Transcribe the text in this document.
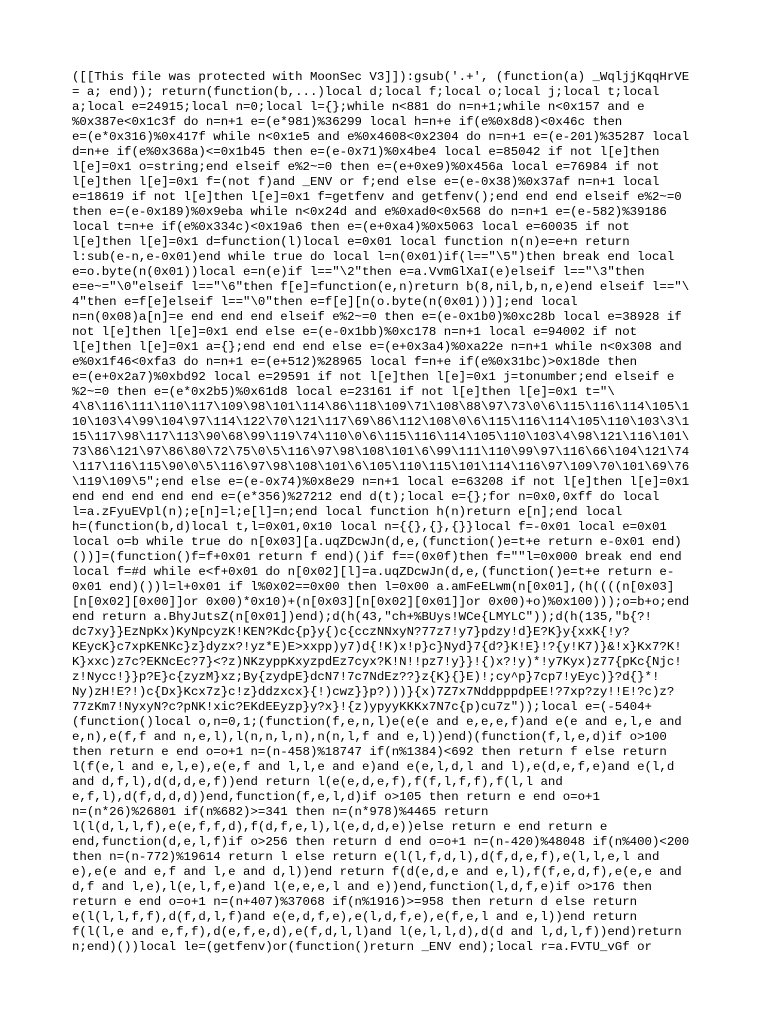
([[This file was protected with MoonSec V3]]):gsub('.+', (function(a) _WqljjKqqHrVE
= a; end)); return(function(b,...)local d;local f;local o;local j;local t;local
a;local e=24915;local n=0;local l={};while n<881 do n=n+1;while n<0x157 and e
%0x387e<0x1c3f do n=n+1 e=(e*981)%36299 local h=n+e if(e%0x8d8)<0x46c then
e=(e*0x316)%0x417f while n<0x1e5 and e%0x4608<0x2304 do n=n+1 e=(e-201)%35287 local
d=n+e if(e%0x368a)<=0x1b45 then e=(e-0x71)%0x4be4 local e=85042 if not l[e]then
l[e]=0x1 o=string;end elseif e%2~=0 then e=(e+0xe9)%0x456a local e=76984 if not
l[e]then l[e]=0x1 f=(not f)and _ENV or f;end else e=(e-0x38)%0x37af n=n+1 local
e=18619 if not l[e]then l[e]=0x1 f=getfenv and getfenv();end end end elseif e%2~=0
then e=(e-0x189)%0x9eba while n<0x24d and e%0xad0<0x568 do n=n+1 e=(e-582)%39186
local t=n+e if(e%0x334c)<0x19a6 then e=(e+0xa4)%0x5063 local e=60035 if not
l[e]then l[e]=0x1 d=function(l)local e=0x01 local function n(n)e=e+n return
l:sub(e-n,e-0x01)end while true do local l=n(0x01)if(l=="\5")then break end local
e=o.byte(n(0x01))local e=n(e)if l=="\2"then e=a.VvmGlXaI(e)elseif l=="\3"then
e=e~="\0"elseif l=="\6"then f[e]=function(e,n)return b(8,nil,b,n,e)end elseif l=="\
4"then e=f[e]elseif l=="\0"then e=f[e][n(o.byte(n(0x01)))];end local
n=n(0x08)a[n]=e end end end elseif e%2~=0 then e=(e-0x1b0)%0xc28b local e=38928 if
not l[e]then l[e]=0x1 end else e=(e-0x1bb)%0xc178 n=n+1 local e=94002 if not
l[e]then l[e]=0x1 a={};end end end else e=(e+0x3a4)%0xa22e n=n+1 while n<0x308 and
e%0x1f46<0xfa3 do n=n+1 e=(e+512)%28965 local f=n+e if(e%0x31bc)>0x18de then
e=(e+0x2a7)%0xbd92 local e=29591 if not l[e]then l[e]=0x1 j=tonumber;end elseif e
%2~=0 then e=(e*0x2b5)%0x61d8 local e=23161 if not l[e]then l[e]=0x1 t="\
4\8\116\111\110\117\109\98\101\114\86\118\109\71\108\88\97\73\0\6\115\116\114\105\1
10\103\4\99\104\97\114\122\70\121\117\69\86\112\108\0\6\115\116\114\105\110\103\3\1
15\117\98\117\113\90\68\99\119\74\110\0\6\115\116\114\105\110\103\4\98\121\116\101\
73\86\121\97\86\80\72\75\0\5\116\97\98\108\101\6\99\111\110\99\97\116\66\104\121\74
\117\116\115\90\0\5\116\97\98\108\101\6\105\110\115\101\114\116\97\109\70\101\69\76
\119\109\5";end else e=(e-0x74)%0x8e29 n=n+1 local e=63208 if not l[e]then l[e]=0x1
end end end end end e=(e*356)%27212 end d(t);local e={};for n=0x0,0xff do local
l=a.zFyuEVpl(n);e[n]=l;e[l]=n;end local function h(n)return e[n];end local
h=(function(b,d)local t,l=0x01,0x10 local n={{},{},{}}local f=-0x01 local e=0x01
local o=b while true do n[0x03][a.uqZDcwJn(d,e,(function()e=t+e return e-0x01 end)
())]=(function()f=f+0x01 return f end)()if f==(0x0f)then f=""l=0x000 break end end
local f=#d while e<f+0x01 do n[0x02][l]=a.uqZDcwJn(d,e,(function()e=t+e return e-
0x01 end)())l=l+0x01 if l%0x02==0x00 then l=0x00 a.amFeELwm(n[0x01],(h((((n[0x03]
[n[0x02][0x00]]or 0x00)*0x10)+(n[0x03][n[0x02][0x01]]or 0x00)+o)%0x100)));o=b+o;end
end return a.BhyJutsZ(n[0x01])end);d(h(43,"ch+%BUys!WCe{LMYLC"));d(h(135,"b{?!
dc7xy}}EzNpKx)KyNpcyzK!KEN?Kdc{p}y{)c{cczNNxyN?77z7!y7}pdzy!d}E?K}y{xxK{!y?
KEycK}c7xpKENKc}z}dyzx?!yz*E)E>xxpp)y7)d{!K)x!p}c}Nyd}7{d?}K!E}!?{y!K7)}&!x}Kx7?K!
K}xxc)z7c?EKNcEc?7}<?z)NKzyppKxyzpdEz7cyx?K!N!!pz7!y}}!{)x?!y)*!y7Kyx)z77{pKc{Njc!
z!Nycc!}}p?E}c{zyzM}xz;By{zydpE}dcN7!7c7NdEz??}z{K}{}E)!;cy^p}7cp7!yEyc)}?d{}*!
Ny)zH!E?!)c{Dx}Kcx7z}c!z}ddzxcx}{!)cwz}}p?)))}{x)7Z7x7NddpppdpEE!?7xp?zy!!E!?c)z?
77zKm7!NyxyN?c?pNK!xic?EKdEEyzp}y?x}!{z)ypyyKKKx7N7c{p)cu7z"));local e=(-5404+
(function()local o,n=0,1;(function(f,e,n,l)e(e(e and e,e,e,f)and e(e and e,l,e and
e,n),e(f,f and n,e,l),l(n,n,l,n),n(n,l,f and e,l))end)(function(f,l,e,d)if o>100
then return e end o=o+1 n=(n-458)%18747 if(n%1384)<692 then return f else return
l(f(e,l and e,l,e),e(e,f and l,l,e and e)and e(e,l,d,l and l),e(d,e,f,e)and e(l,d
and d,f,l),d(d,d,e,f))end return l(e(e,d,e,f),f(f,l,f,f),f(l,l and
e,f,l),d(f,d,d,d))end,function(f,e,l,d)if o>105 then return e end o=o+1
n=(n*26)%26801 if(n%682)>=341 then n=(n*978)%4465 return
l(l(d,l,l,f),e(e,f,f,d),f(d,f,e,l),l(e,d,d,e))else return e end return e
end,function(d,e,l,f)if o>256 then return d end o=o+1 n=(n-420)%48048 if(n%400)<200
then n=(n-772)%19614 return l else return e(l(l,f,d,l),d(f,d,e,f),e(l,l,e,l and
e),e(e and e,f and l,e and d,l))end return f(d(e,d,e and e,l),f(f,e,d,f),e(e,e and
d,f and l,e),l(e,l,f,e)and l(e,e,e,l and e))end,function(l,d,f,e)if o>176 then
return e end o=o+1 n=(n+407)%37068 if(n%1916)>=958 then return d else return
e(l(l,l,f,f),d(f,d,l,f)and e(e,d,f,e),e(l,d,f,e),e(f,e,l and e,l))end return
f(l(l,e and e,f,f),d(e,f,e,d),e(f,d,l,l)and l(e,l,l,d),d(d and l,d,l,f))end)return
n;end)())local le=(getfenv)or(function()return _ENV end);local r=a.FVTU_vGf or
